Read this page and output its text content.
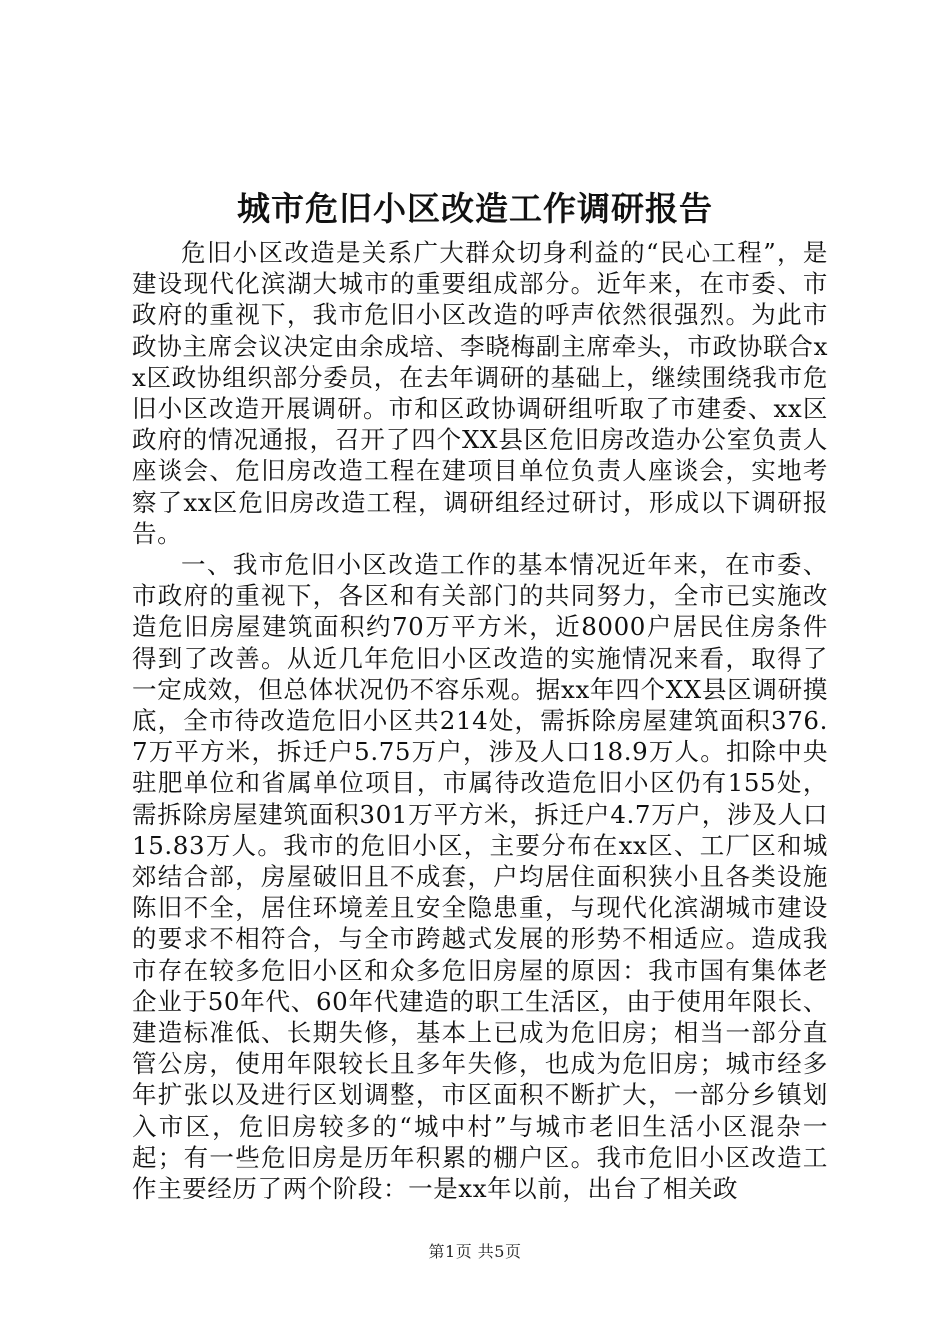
城市危旧小区改造工作调研报告

危旧小区改造是关系广大群众切身利益的“民心工程”，是建设现代化滨湖大城市的重要组成部分。近年来，在市委、市政府的重视下，我市危旧小区改造的呼声依然很强烈。为此市政协主席会议决定由余成培、李晓梅副主席牵头，市政协联合xx区政协组织部分委员，在去年调研的基础上，继续围绕我市危旧小区改造开展调研。市和区政协调研组听取了市建委、xx区政府的情况通报，召开了四个XX县区危旧房改造办公室负责人座谈会、危旧房改造工程在建项目单位负责人座谈会，实地考察了xx区危旧房改造工程，调研组经过研讨，形成以下调研报告。

一、我市危旧小区改造工作的基本情况近年来，在市委、市政府的重视下，各区和有关部门的共同努力，全市已实施改造危旧房屋建筑面积约70万平方米，近8000户居民住房条件得到了改善。从近几年危旧小区改造的实施情况来看，取得了一定成效，但总体状况仍不容乐观。据xx年四个XX县区调研摸底，全市待改造危旧小区共214处，需拆除房屋建筑面积376.7万平方米，拆迁户5.75万户，涉及人口18.9万人。扣除中央驻肥单位和省属单位项目，市属待改造危旧小区仍有155处，需拆除房屋建筑面积301万平方米，拆迁户4.7万户，涉及人口15.83万人。我市的危旧小区，主要分布在xx区、工厂区和城郊结合部，房屋破旧且不成套，户均居住面积狭小且各类设施陈旧不全，居住环境差且安全隐患重，与现代化滨湖城市建设的要求不相符合，与全市跨越式发展的形势不相适应。造成我市存在较多危旧小区和众多危旧房屋的原因：我市国有集体老企业于50年代、60年代建造的职工生活区，由于使用年限长、建造标准低、长期失修，基本上已成为危旧房；相当一部分直管公房，使用年限较长且多年失修，也成为危旧房；城市经多年扩张以及进行区划调整，市区面积不断扩大，一部分乡镇划入市区，危旧房较多的“城中村”与城市老旧生活小区混杂一起；有一些危旧房是历年积累的棚户区。我市危旧小区改造工作主要经历了两个阶段：一是xx年以前，出台了相关政

第1页 共5页
